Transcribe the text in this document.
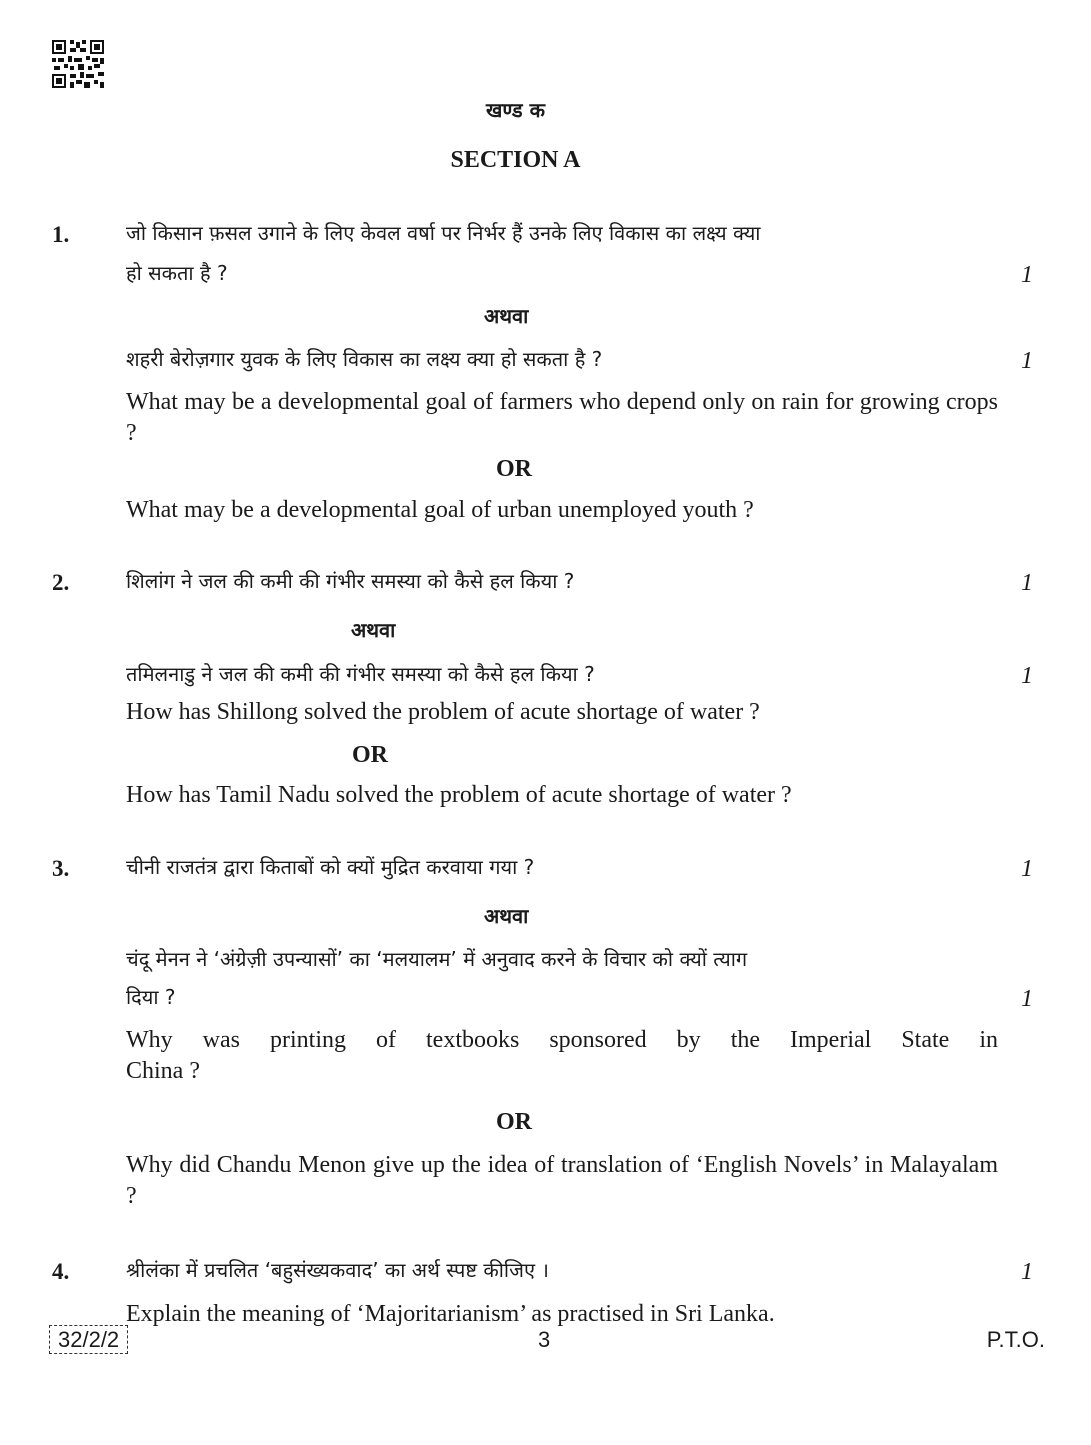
खण्ड क
SECTION A
1.	जो किसान फ़सल उगाने के लिए केवल वर्षा पर निर्भर हैं उनके लिए विकास का लक्ष्य क्या
हो सकता है ?	1
अथवा
शहरी बेरोज़गार युवक के लिए विकास का लक्ष्य क्या हो सकता है ?	1
What may be a developmental goal of farmers who depend only on rain for growing crops ?
OR
What may be a developmental goal of urban unemployed youth ?
2.	शिलांग ने जल की कमी की गंभीर समस्या को कैसे हल किया ?	1
अथवा
तमिलनाडु ने जल की कमी की गंभीर समस्या को कैसे हल किया ?	1
How has Shillong solved the problem of acute shortage of water ?
OR
How has Tamil Nadu solved the problem of acute shortage of water ?
3.	चीनी राजतंत्र द्वारा किताबों को क्यों मुद्रित करवाया गया ?	1
अथवा
चंदू मेनन ने ‘अंग्रेज़ी उपन्यासों’ का ‘मलयालम’ में अनुवाद करने के विचार को क्यों त्याग
दिया ?	1
Why was printing of textbooks sponsored by the Imperial State in
China ?
OR
Why did Chandu Menon give up the idea of translation of ‘English Novels’ in Malayalam ?
4.	श्रीलंका में प्रचलित ‘बहुसंख्यकवाद’ का अर्थ स्पष्ट कीजिए ।	1
Explain the meaning of ‘Majoritarianism’ as practised in Sri Lanka.
32/2/2	3	P.T.O.
